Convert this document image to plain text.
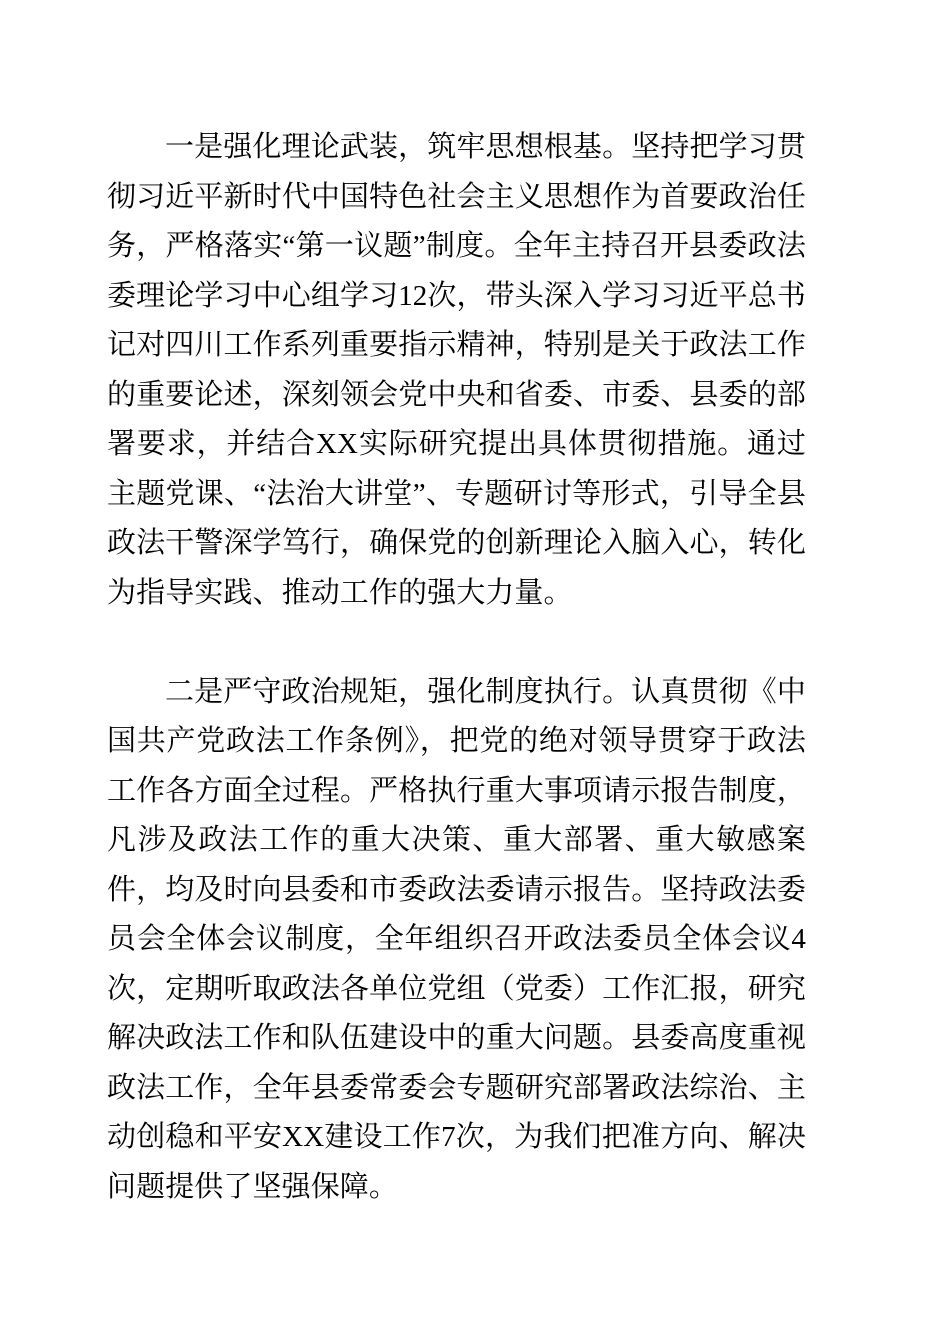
一是强化理论武装，筑牢思想根基。坚持把学习贯彻习近平新时代中国特色社会主义思想作为首要政治任务，严格落实“第一议题”制度。全年主持召开县委政法委理论学习中心组学习12次，带头深入学习习近平总书记对四川工作系列重要指示精神，特别是关于政法工作的重要论述，深刻领会党中央和省委、市委、县委的部署要求，并结合XX实际研究提出具体贯彻措施。通过主题党课、“法治大讲堂”、专题研讨等形式，引导全县政法干警深学笃行，确保党的创新理论入脑入心，转化为指导实践、推动工作的强大力量。

二是严守政治规矩，强化制度执行。认真贯彻《中国共产党政法工作条例》，把党的绝对领导贯穿于政法工作各方面全过程。严格执行重大事项请示报告制度，凡涉及政法工作的重大决策、重大部署、重大敏感案件，均及时向县委和市委政法委请示报告。坚持政法委员会全体会议制度，全年组织召开政法委员全体会议4次，定期听取政法各单位党组（党委）工作汇报，研究解决政法工作和队伍建设中的重大问题。县委高度重视政法工作，全年县委常委会专题研究部署政法综治、主动创稳和平安XX建设工作7次，为我们把准方向、解决问题提供了坚强保障。
